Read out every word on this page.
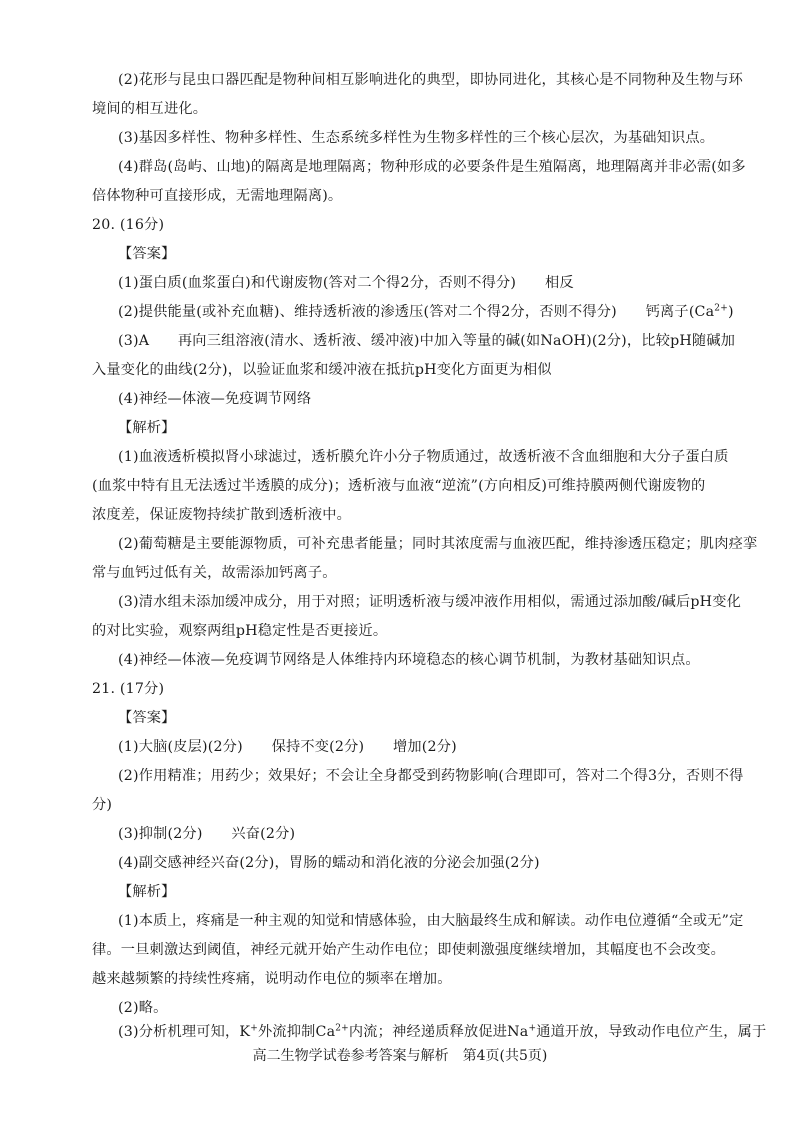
(2)花形与昆虫口器匹配是物种间相互影响进化的典型，即协同进化，其核心是不同物种及生物与环
境间的相互进化。
(3)基因多样性、物种多样性、生态系统多样性为生物多样性的三个核心层次，为基础知识点。
(4)群岛(岛屿、山地)的隔离是地理隔离；物种形成的必要条件是生殖隔离，地理隔离并非必需(如多
倍体物种可直接形成，无需地理隔离)。
20. (16分)
【答案】
(1)蛋白质(血浆蛋白)和代谢废物(答对二个得2分，否则不得分)　　相反
(2)提供能量(或补充血糖)、维持透析液的渗透压(答对二个得2分，否则不得分)　　钙离子$(Ca^{2+})$
(3)A　　再向三组溶液(清水、透析液、缓冲液)中加入等量的碱(如NaOH)(2分)，比较pH随碱加
入量变化的曲线(2分)，以验证血浆和缓冲液在抵抗pH变化方面更为相似
(4)神经—体液—免疫调节网络
【解析】
(1)血液透析模拟肾小球滤过，透析膜允许小分子物质通过，故透析液不含血细胞和大分子蛋白质
(血浆中特有且无法透过半透膜的成分)；透析液与血液“逆流”(方向相反)可维持膜两侧代谢废物的
浓度差，保证废物持续扩散到透析液中。
(2)葡萄糖是主要能源物质，可补充患者能量；同时其浓度需与血液匹配，维持渗透压稳定；肌肉痉挛
常与血钙过低有关，故需添加钙离子。
(3)清水组未添加缓冲成分，用于对照；证明透析液与缓冲液作用相似，需通过添加酸/碱后pH变化
的对比实验，观察两组pH稳定性是否更接近。
(4)神经—体液—免疫调节网络是人体维持内环境稳态的核心调节机制，为教材基础知识点。
21. (17分)
【答案】
(1)大脑(皮层)(2分)　　保持不变(2分)　　增加(2分)
(2)作用精准；用药少；效果好；不会让全身都受到药物影响(合理即可，答对二个得3分，否则不得
分)
(3)抑制(2分)　　兴奋(2分)
(4)副交感神经兴奋(2分)，胃肠的蠕动和消化液的分泌会加强(2分)
【解析】
(1)本质上，疼痛是一种主观的知觉和情感体验，由大脑最终生成和解读。动作电位遵循“全或无”定
律。一旦刺激达到阈值，神经元就开始产生动作电位；即使刺激强度继续增加，其幅度也不会改变。
越来越频繁的持续性疼痛，说明动作电位的频率在增加。
(2)略。
(3)分析机理可知，K+外流抑制$Ca^{2+}$内流；神经递质释放促进Na+通道开放，导致动作电位产生，属于
高二生物学试卷参考答案与解析　第4页(共5页)
